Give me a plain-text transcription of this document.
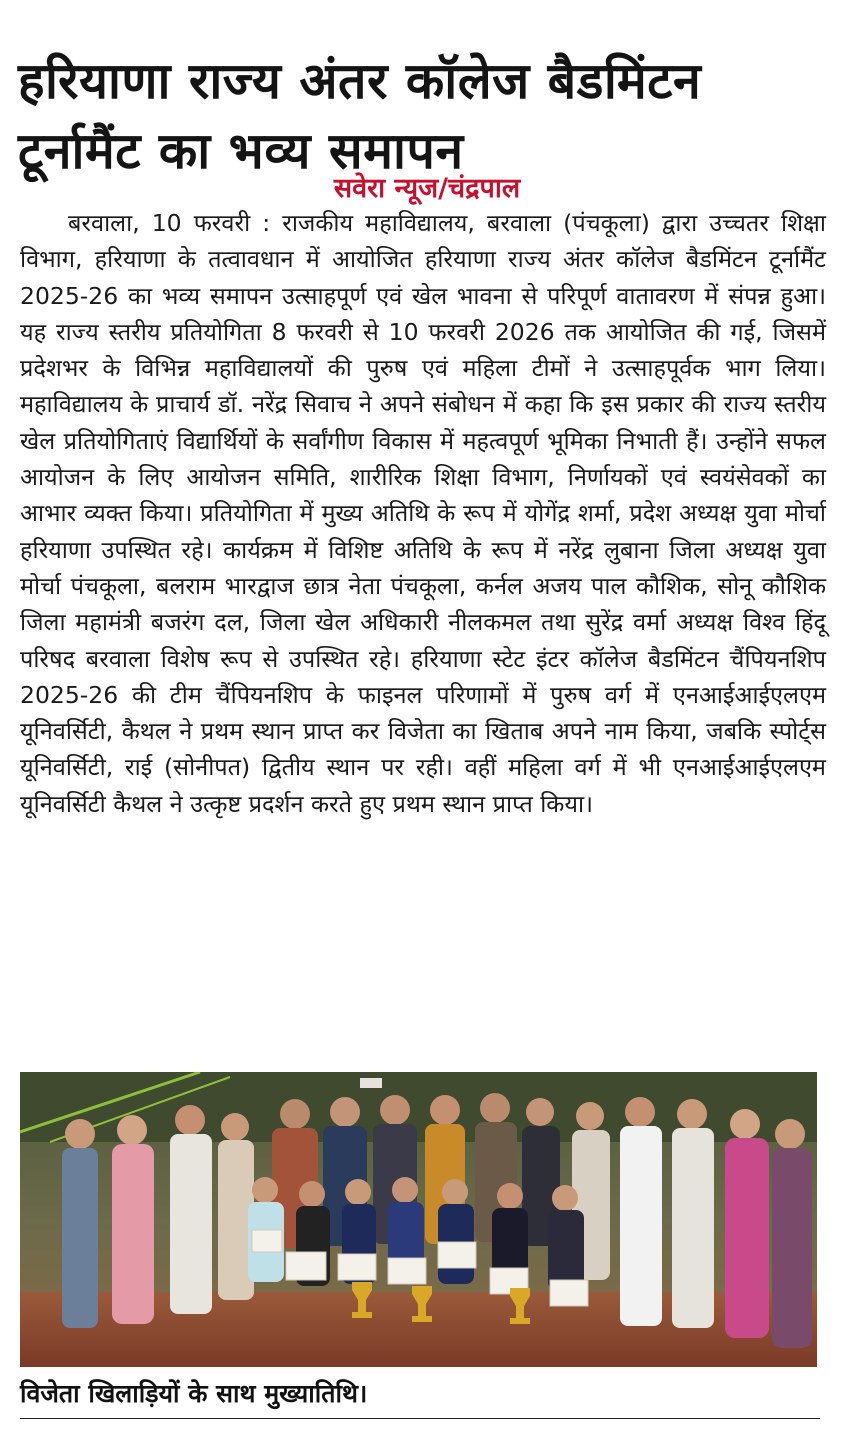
हरियाणा राज्य अंतर कॉलेज बैडमिंटन टूर्नामैंट का भव्य समापन
सवेरा न्यूज/चंद्रपाल

बरवाला, 10 फरवरी : राजकीय महाविद्यालय, बरवाला (पंचकूला) द्वारा उच्चतर शिक्षा विभाग, हरियाणा के तत्वावधान में आयोजित हरियाणा राज्य अंतर कॉलेज बैडमिंटन टूर्नामैंट 2025-26 का भव्य समापन उत्साहपूर्ण एवं खेल भावना से परिपूर्ण वातावरण में संपन्न हुआ। यह राज्य स्तरीय प्रतियोगिता 8 फरवरी से 10 फरवरी 2026 तक आयोजित की गई, जिसमें प्रदेशभर के विभिन्न महाविद्यालयों की पुरुष एवं महिला टीमों ने उत्साहपूर्वक भाग लिया। महाविद्यालय के प्राचार्य डॉ. नरेंद्र सिवाच ने अपने संबोधन में कहा कि इस प्रकार की राज्य स्तरीय खेल प्रतियोगिताएं विद्यार्थियों के सर्वांगीण विकास में महत्वपूर्ण भूमिका निभाती हैं। उन्होंने सफल आयोजन के लिए आयोजन समिति, शारीरिक शिक्षा विभाग, निर्णायकों एवं स्वयंसेवकों का आभार व्यक्त किया। प्रतियोगिता में मुख्य अतिथि के रूप में योगेंद्र शर्मा, प्रदेश अध्यक्ष युवा मोर्चा हरियाणा उपस्थित रहे। कार्यक्रम में विशिष्ट अतिथि के रूप में नरेंद्र लुबाना जिला अध्यक्ष युवा मोर्चा पंचकूला, बलराम भारद्वाज छात्र नेता पंचकूला, कर्नल अजय पाल कौशिक, सोनू कौशिक जिला महामंत्री बजरंग दल, जिला खेल अधिकारी नीलकमल तथा सुरेंद्र वर्मा अध्यक्ष विश्व हिंदू परिषद बरवाला विशेष रूप से उपस्थित रहे। हरियाणा स्टेट इंटर कॉलेज बैडमिंटन चैंपियनशिप 2025-26 की टीम चैंपियनशिप के फाइनल परिणामों में पुरुष वर्ग में एनआईआईएलएम यूनिवर्सिटी, कैथल ने प्रथम स्थान प्राप्त कर विजेता का खिताब अपने नाम किया, जबकि स्पोर्ट्स यूनिवर्सिटी, राई (सोनीपत) द्वितीय स्थान पर रही। वहीं महिला वर्ग में भी एनआईआईएलएम यूनिवर्सिटी कैथल ने उत्कृष्ट प्रदर्शन करते हुए प्रथम स्थान प्राप्त किया।

विजेता खिलाड़ियों के साथ मुख्यातिथि।
